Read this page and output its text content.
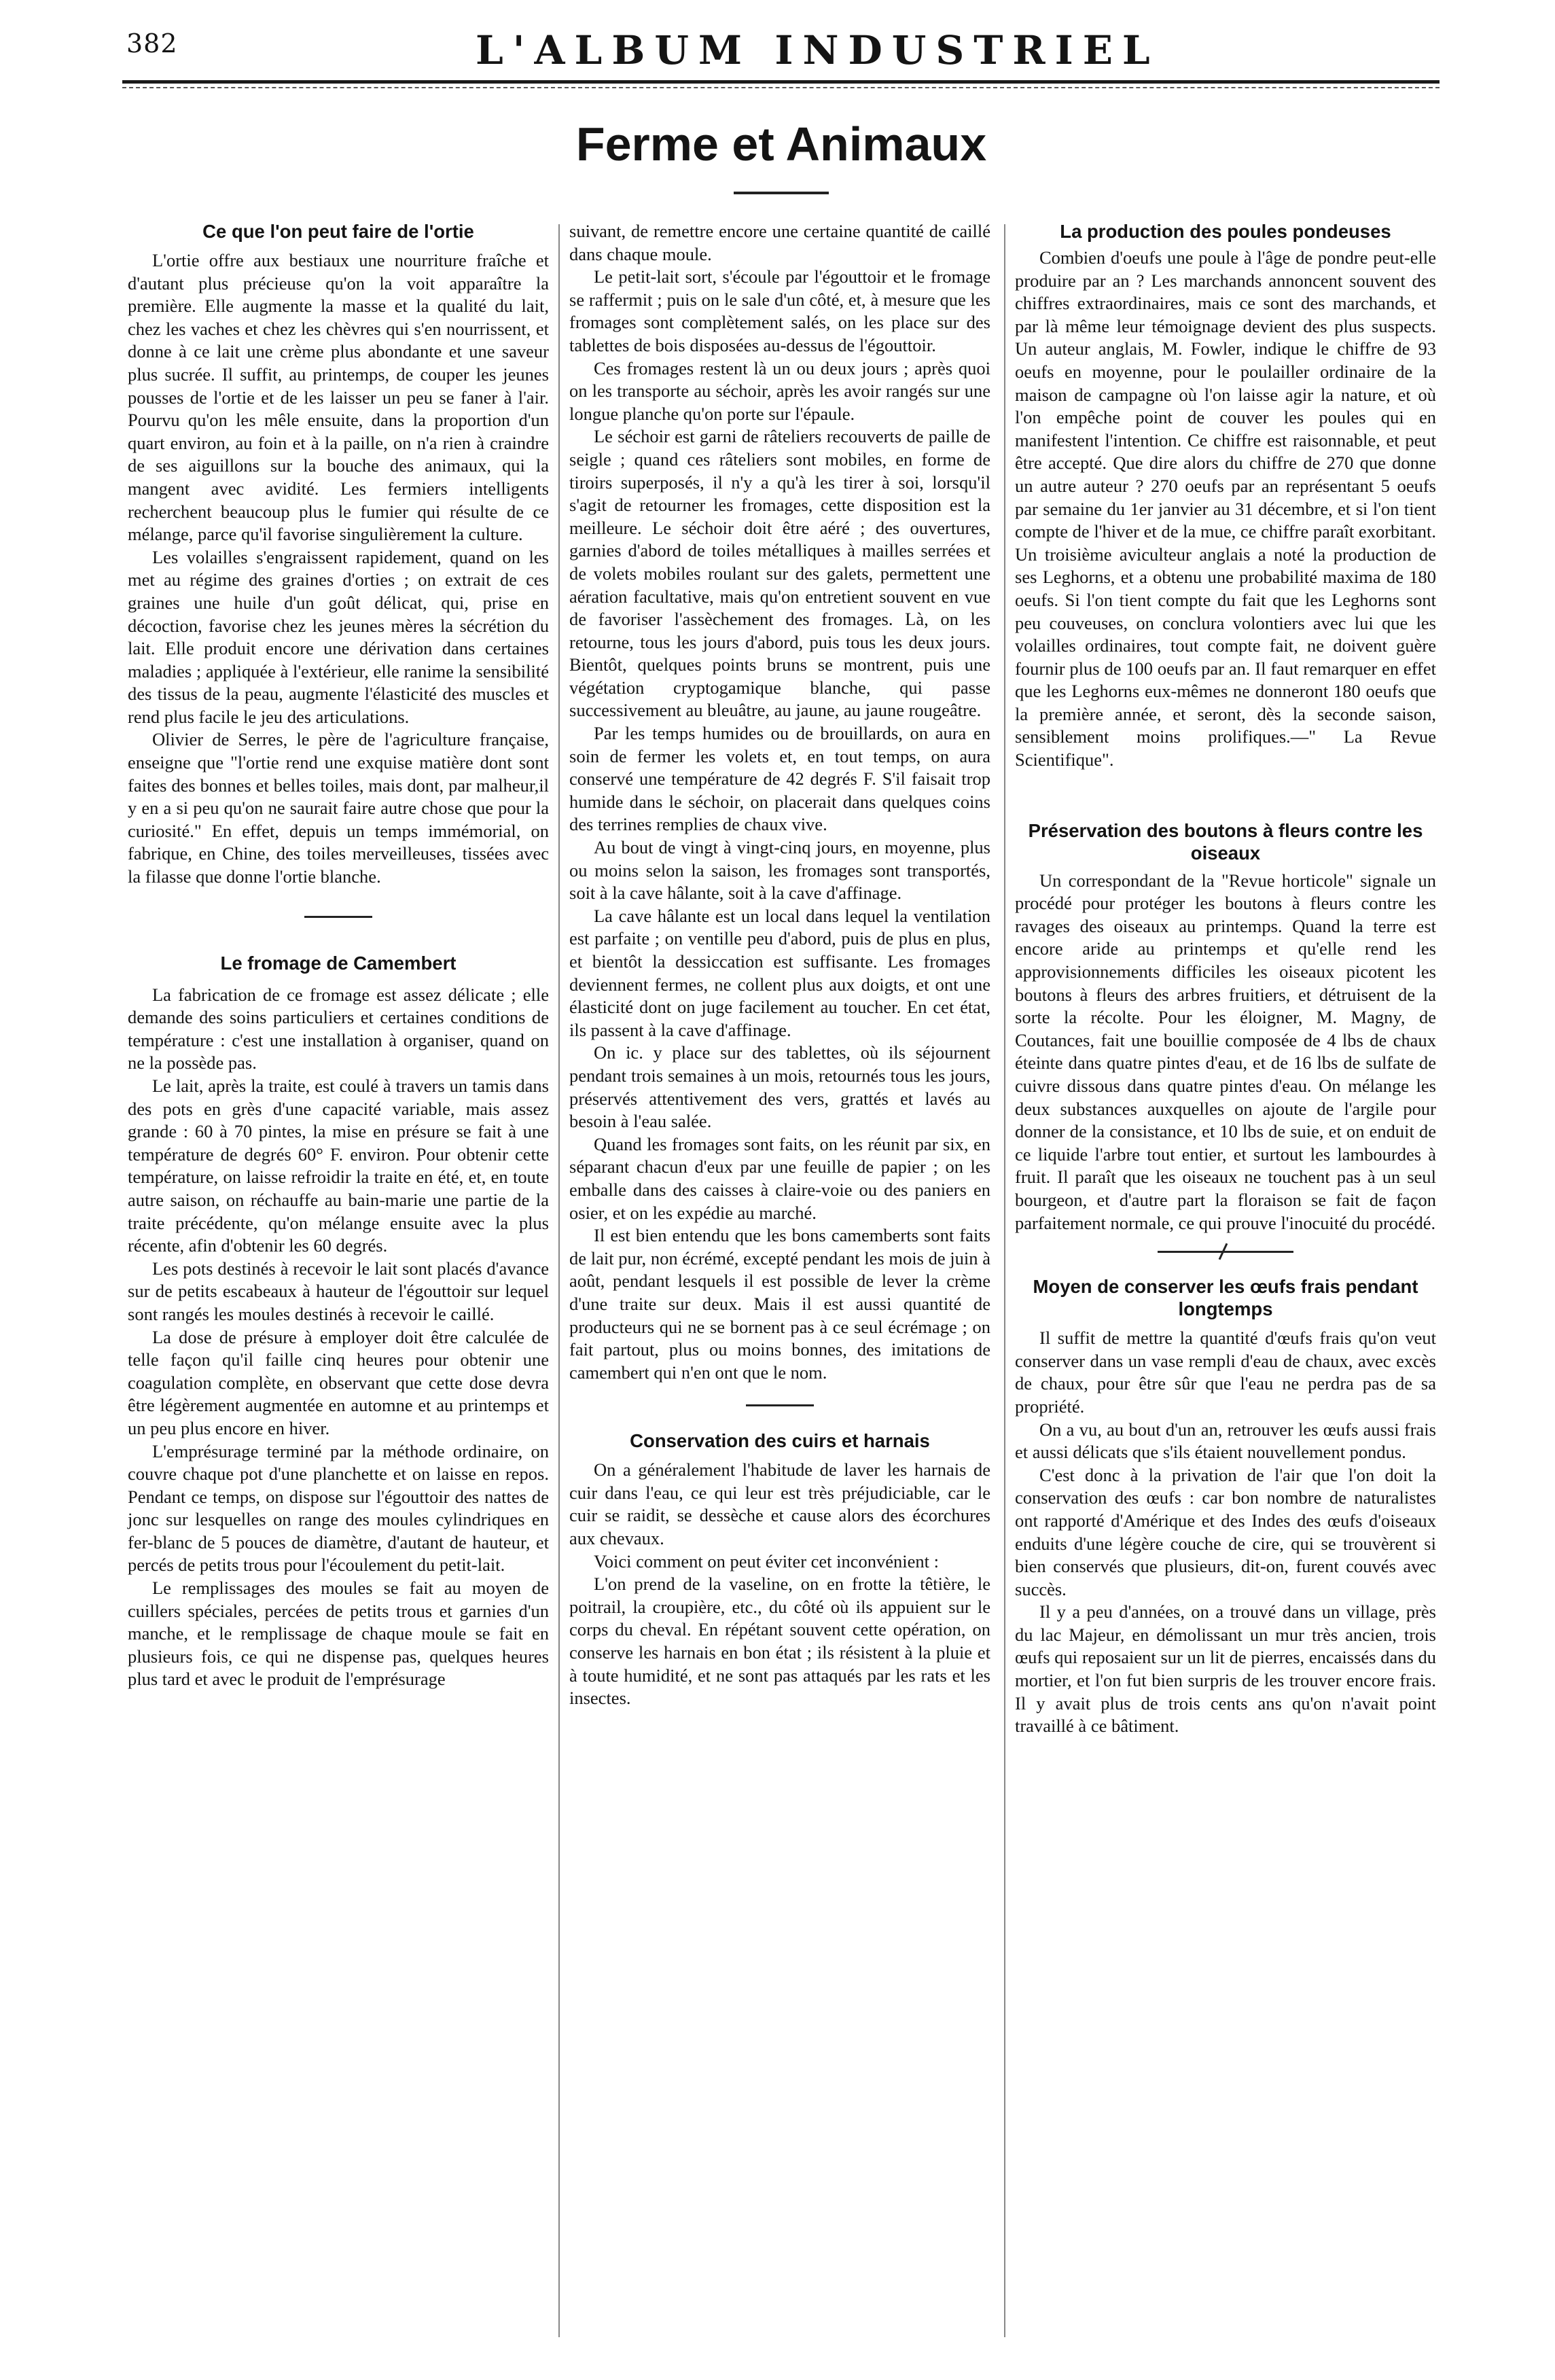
382	L'ALBUM INDUSTRIEL
Ferme et Animaux
Ce que l'on peut faire de l'ortie

L'ortie offre aux bestiaux une nourriture fraîche et d'autant plus précieuse qu'on la voit apparaître la première. Elle augmente la masse et la qualité du lait, chez les vaches et chez les chèvres qui s'en nourrissent, et donne à ce lait une crème plus abondante et une saveur plus sucrée. Il suffit, au printemps, de couper les jeunes pousses de l'ortie et de les laisser un peu se faner à l'air. Pourvu qu'on les mêle ensuite, dans la proportion d'un quart environ, au foin et à la paille, on n'a rien à craindre de ses aiguillons sur la bouche des animaux, qui la mangent avec avidité. Les fermiers intelligents recherchent beaucoup plus le fumier qui résulte de ce mélange, parce qu'il favorise singulièrement la culture.

Les volailles s'engraissent rapidement, quand on les met au régime des graines d'orties ; on extrait de ces graines une huile d'un goût délicat, qui, prise en décoction, favorise chez les jeunes mères la sécrétion du lait. Elle produit encore une dérivation dans certaines maladies ; appliquée à l'extérieur, elle ranime la sensibilité des tissus de la peau, augmente l'élasticité des muscles et rend plus facile le jeu des articulations.

Olivier de Serres, le père de l'agriculture française, enseigne que "l'ortie rend une exquise matière dont sont faites des bonnes et belles toiles, mais dont, par malheur,il y en a si peu qu'on ne saurait faire autre chose que pour la curiosité." En effet, depuis un temps immémorial, on fabrique, en Chine, des toiles merveilleuses, tissées avec la filasse que donne l'ortie blanche.

Le fromage de Camembert

La fabrication de ce fromage est assez délicate ; elle demande des soins particuliers et certaines conditions de température : c'est une installation à organiser, quand on ne la possède pas.

Le lait, après la traite, est coulé à travers un tamis dans des pots en grès d'une capacité variable, mais assez grande : 60 à 70 pintes, la mise en présure se fait à une température de degrés 60° F. environ. Pour obtenir cette température, on laisse refroidir la traite en été, et, en toute autre saison, on réchauffe au bain-marie une partie de la traite précédente, qu'on mélange ensuite avec la plus récente, afin d'obtenir les 60 degrés.

Les pots destinés à recevoir le lait sont placés d'avance sur de petits escabeaux à hauteur de l'égouttoir sur lequel sont rangés les moules destinés à recevoir le caillé.

La dose de présure à employer doit être calculée de telle façon qu'il faille cinq heures pour obtenir une coagulation complète, en observant que cette dose devra être légèrement augmentée en automne et au printemps et un peu plus encore en hiver.

L'emprésurage terminé par la méthode ordinaire, on couvre chaque pot d'une planchette et on laisse en repos. Pendant ce temps, on dispose sur l'égouttoir des nattes de jonc sur lesquelles on range des moules cylindriques en fer-blanc de 5 pouces de diamètre, d'autant de hauteur, et percés de petits trous pour l'écoulement du petit-lait.

Le remplissages des moules se fait au moyen de cuillers spéciales, percées de petits trous et garnies d'un manche, et le remplissage de chaque moule se fait en plusieurs fois, ce qui ne dispense pas, quelques heures plus tard et avec le produit de l'emprésurage

suivant, de remettre encore une certaine quantité de caillé dans chaque moule.

Le petit-lait sort, s'écoule par l'égouttoir et le fromage se raffermit ; puis on le sale d'un côté, et, à mesure que les fromages sont complètement salés, on les place sur des tablettes de bois disposées au-dessus de l'égouttoir.

Ces fromages restent là un ou deux jours ; après quoi on les transporte au séchoir, après les avoir rangés sur une longue planche qu'on porte sur l'épaule.

Le séchoir est garni de râteliers recouverts de paille de seigle ; quand ces râteliers sont mobiles, en forme de tiroirs superposés, il n'y a qu'à les tirer à soi, lorsqu'il s'agit de retourner les fromages, cette disposition est la meilleure. Le séchoir doit être aéré ; des ouvertures, garnies d'abord de toiles métalliques à mailles serrées et de volets mobiles roulant sur des galets, permettent une aération facultative, mais qu'on entretient souvent en vue de favoriser l'assèchement des fromages. Là, on les retourne, tous les jours d'abord, puis tous les deux jours. Bientôt, quelques points bruns se montrent, puis une végétation cryptogamique blanche, qui passe successivement au bleuâtre, au jaune, au jaune rougeâtre.

Par les temps humides ou de brouillards, on aura en soin de fermer les volets et, en tout temps, on aura conservé une température de 42 degrés F. S'il faisait trop humide dans le séchoir, on placerait dans quelques coins des terrines remplies de chaux vive.

Au bout de vingt à vingt-cinq jours, en moyenne, plus ou moins selon la saison, les fromages sont transportés, soit à la cave hâlante, soit à la cave d'affinage.

La cave hâlante est un local dans lequel la ventilation est parfaite ; on ventille peu d'abord, puis de plus en plus, et bientôt la dessiccation est suffisante. Les fromages deviennent fermes, ne collent plus aux doigts, et ont une élasticité dont on juge facilement au toucher. En cet état, ils passent à la cave d'affinage.

On ic. y place sur des tablettes, où ils séjournent pendant trois semaines à un mois, retournés tous les jours, préservés attentivement des vers, grattés et lavés au besoin à l'eau salée.

Quand les fromages sont faits, on les réunit par six, en séparant chacun d'eux par une feuille de papier ; on les emballe dans des caisses à claire-voie ou des paniers en osier, et on les expédie au marché.

Il est bien entendu que les bons camemberts sont faits de lait pur, non écrémé, excepté pendant les mois de juin à août, pendant lesquels il est possible de lever la crème d'une traite sur deux. Mais il est aussi quantité de producteurs qui ne se bornent pas à ce seul écrémage ; on fait partout, plus ou moins bonnes, des imitations de camembert qui n'en ont que le nom.

Conservation des cuirs et harnais

On a généralement l'habitude de laver les harnais de cuir dans l'eau, ce qui leur est très préjudiciable, car le cuir se raidit, se dessèche et cause alors des écorchures aux chevaux.

Voici comment on peut éviter cet inconvénient :

L'on prend de la vaseline, on en frotte la têtière, le poitrail, la croupière, etc., du côté où ils appuient sur le corps du cheval. En répétant souvent cette opération, on conserve les harnais en bon état ; ils résistent à la pluie et à toute humidité, et ne sont pas attaqués par les rats et les insectes.

La production des poules pondeuses

Combien d'oeufs une poule à l'âge de pondre peut-elle produire par an ? Les marchands annoncent souvent des chiffres extraordinaires, mais ce sont des marchands, et par là même leur témoignage devient des plus suspects. Un auteur anglais, M. Fowler, indique le chiffre de 93 oeufs en moyenne, pour le poulailler ordinaire de la maison de campagne où l'on laisse agir la nature, et où l'on empêche point de couver les poules qui en manifestent l'intention. Ce chiffre est raisonnable, et peut être accepté. Que dire alors du chiffre de 270 que donne un autre auteur ? 270 oeufs par an représentant 5 oeufs par semaine du 1er janvier au 31 décembre, et si l'on tient compte de l'hiver et de la mue, ce chiffre paraît exorbitant. Un troisième aviculteur anglais a noté la production de ses Leghorns, et a obtenu une probabilité maxima de 180 oeufs. Si l'on tient compte du fait que les Leghorns sont peu couveuses, on conclura volontiers avec lui que les volailles ordinaires, tout compte fait, ne doivent guère fournir plus de 100 oeufs par an. Il faut remarquer en effet que les Leghorns eux-mêmes ne donneront 180 oeufs que la première année, et seront, dès la seconde saison, sensiblement moins prolifiques.—" La Revue Scientifique".

Préservation des boutons à fleurs contre les oiseaux

Un correspondant de la "Revue horticole" signale un procédé pour protéger les boutons à fleurs contre les ravages des oiseaux au printemps. Quand la terre est encore aride au printemps et qu'elle rend les approvisionnements difficiles les oiseaux picotent les boutons à fleurs des arbres fruitiers, et détruisent de la sorte la récolte. Pour les éloigner, M. Magny, de Coutances, fait une bouillie composée de 4 lbs de chaux éteinte dans quatre pintes d'eau, et de 16 lbs de sulfate de cuivre dissous dans quatre pintes d'eau. On mélange les deux substances auxquelles on ajoute de l'argile pour donner de la consistance, et 10 lbs de suie, et on enduit de ce liquide l'arbre tout entier, et surtout les lambourdes à fruit. Il paraît que les oiseaux ne touchent pas à un seul bourgeon, et d'autre part la floraison se fait de façon parfaitement normale, ce qui prouve l'inocuité du procédé.

Moyen de conserver les œufs frais pendant longtemps

Il suffit de mettre la quantité d'œufs frais qu'on veut conserver dans un vase rempli d'eau de chaux, avec excès de chaux, pour être sûr que l'eau ne perdra pas de sa propriété.

On a vu, au bout d'un an, retrouver les œufs aussi frais et aussi délicats que s'ils étaient nouvellement pondus.

C'est donc à la privation de l'air que l'on doit la conservation des œufs : car bon nombre de naturalistes ont rapporté d'Amérique et des Indes des œufs d'oiseaux enduits d'une légère couche de cire, qui se trouvèrent si bien conservés que plusieurs, dit-on, furent couvés avec succès.

Il y a peu d'années, on a trouvé dans un village, près du lac Majeur, en démolissant un mur très ancien, trois œufs qui reposaient sur un lit de pierres, encaissés dans du mortier, et l'on fut bien surpris de les trouver encore frais. Il y avait plus de trois cents ans qu'on n'avait point travaillé à ce bâtiment.
